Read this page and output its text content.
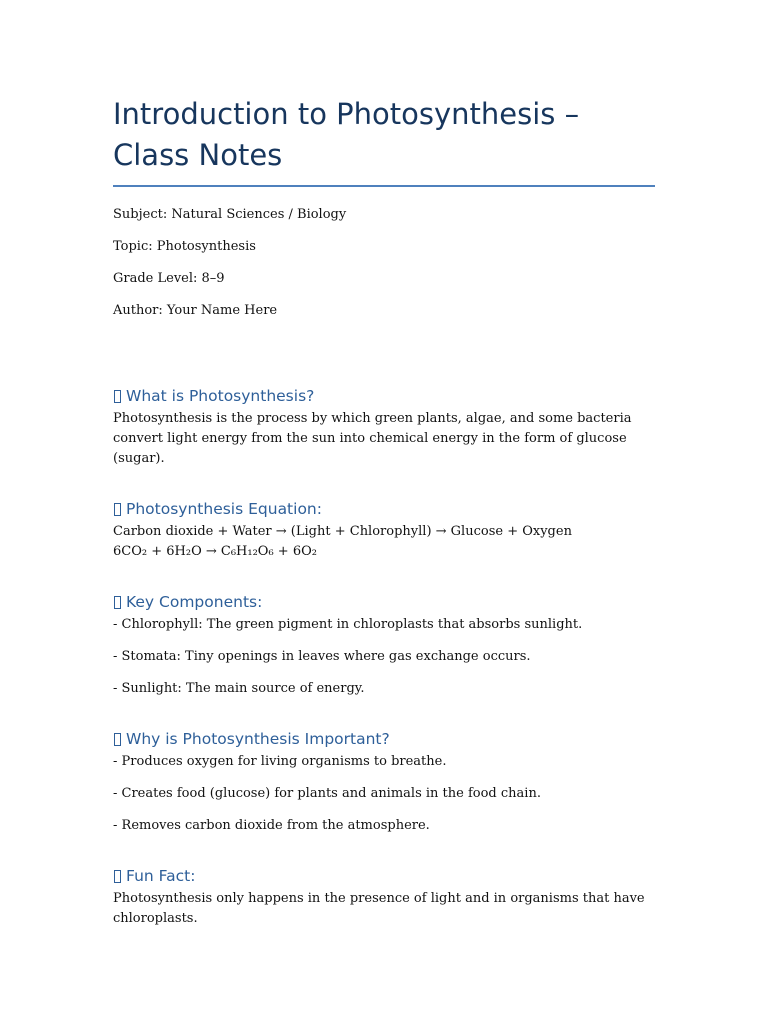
Introduction to Photosynthesis – Class Notes

Subject: Natural Sciences / Biology

Topic: Photosynthesis

Grade Level: 8–9

Author: Your Name Here

What is Photosynthesis?

Photosynthesis is the process by which green plants, algae, and some bacteria convert light energy from the sun into chemical energy in the form of glucose (sugar).

Photosynthesis Equation:

Carbon dioxide + Water → (Light + Chlorophyll) → Glucose + Oxygen

6CO₂ + 6H₂O → C₆H₁₂O₆ + 6O₂

Key Components:

- Chlorophyll: The green pigment in chloroplasts that absorbs sunlight.

- Stomata: Tiny openings in leaves where gas exchange occurs.

- Sunlight: The main source of energy.

Why is Photosynthesis Important?

- Produces oxygen for living organisms to breathe.

- Creates food (glucose) for plants and animals in the food chain.

- Removes carbon dioxide from the atmosphere.

Fun Fact:

Photosynthesis only happens in the presence of light and in organisms that have chloroplasts.
